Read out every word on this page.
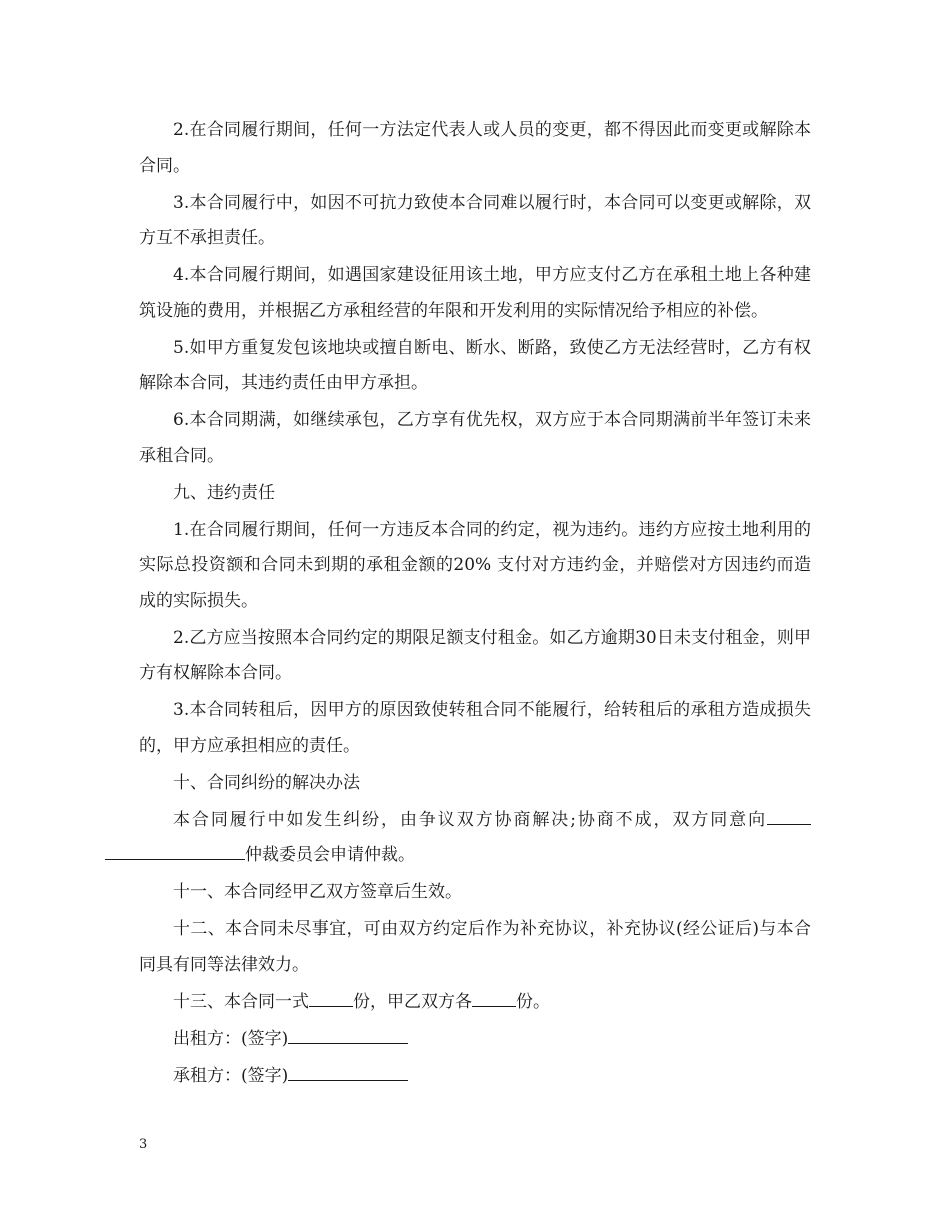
2.在合同履行期间，任何一方法定代表人或人员的变更，都不得因此而变更或解除本合同。

3.本合同履行中，如因不可抗力致使本合同难以履行时，本合同可以变更或解除，双方互不承担责任。

4.本合同履行期间，如遇国家建设征用该土地，甲方应支付乙方在承租土地上各种建筑设施的费用，并根据乙方承租经营的年限和开发利用的实际情况给予相应的补偿。

5.如甲方重复发包该地块或擅自断电、断水、断路，致使乙方无法经营时，乙方有权解除本合同，其违约责任由甲方承担。

6.本合同期满，如继续承包，乙方享有优先权，双方应于本合同期满前半年签订未来承租合同。

九、违约责任

1.在合同履行期间，任何一方违反本合同的约定，视为违约。违约方应按土地利用的实际总投资额和合同未到期的承租金额的20% 支付对方违约金，并赔偿对方因违约而造成的实际损失。

2.乙方应当按照本合同约定的期限足额支付租金。如乙方逾期30日未支付租金，则甲方有权解除本合同。

3.本合同转租后，因甲方的原因致使转租合同不能履行，给转租后的承租方造成损失的，甲方应承担相应的责任。

十、合同纠纷的解决办法

本合同履行中如发生纠纷，由争议双方协商解决;协商不成，双方同意向仲裁委员会申请仲裁。

十一、本合同经甲乙双方签章后生效。

十二、本合同未尽事宜，可由双方约定后作为补充协议，补充协议(经公证后)与本合同具有同等法律效力。

十三、本合同一式	份，甲乙双方各	份。

出租方：(签字)

承租方：(签字)

3
